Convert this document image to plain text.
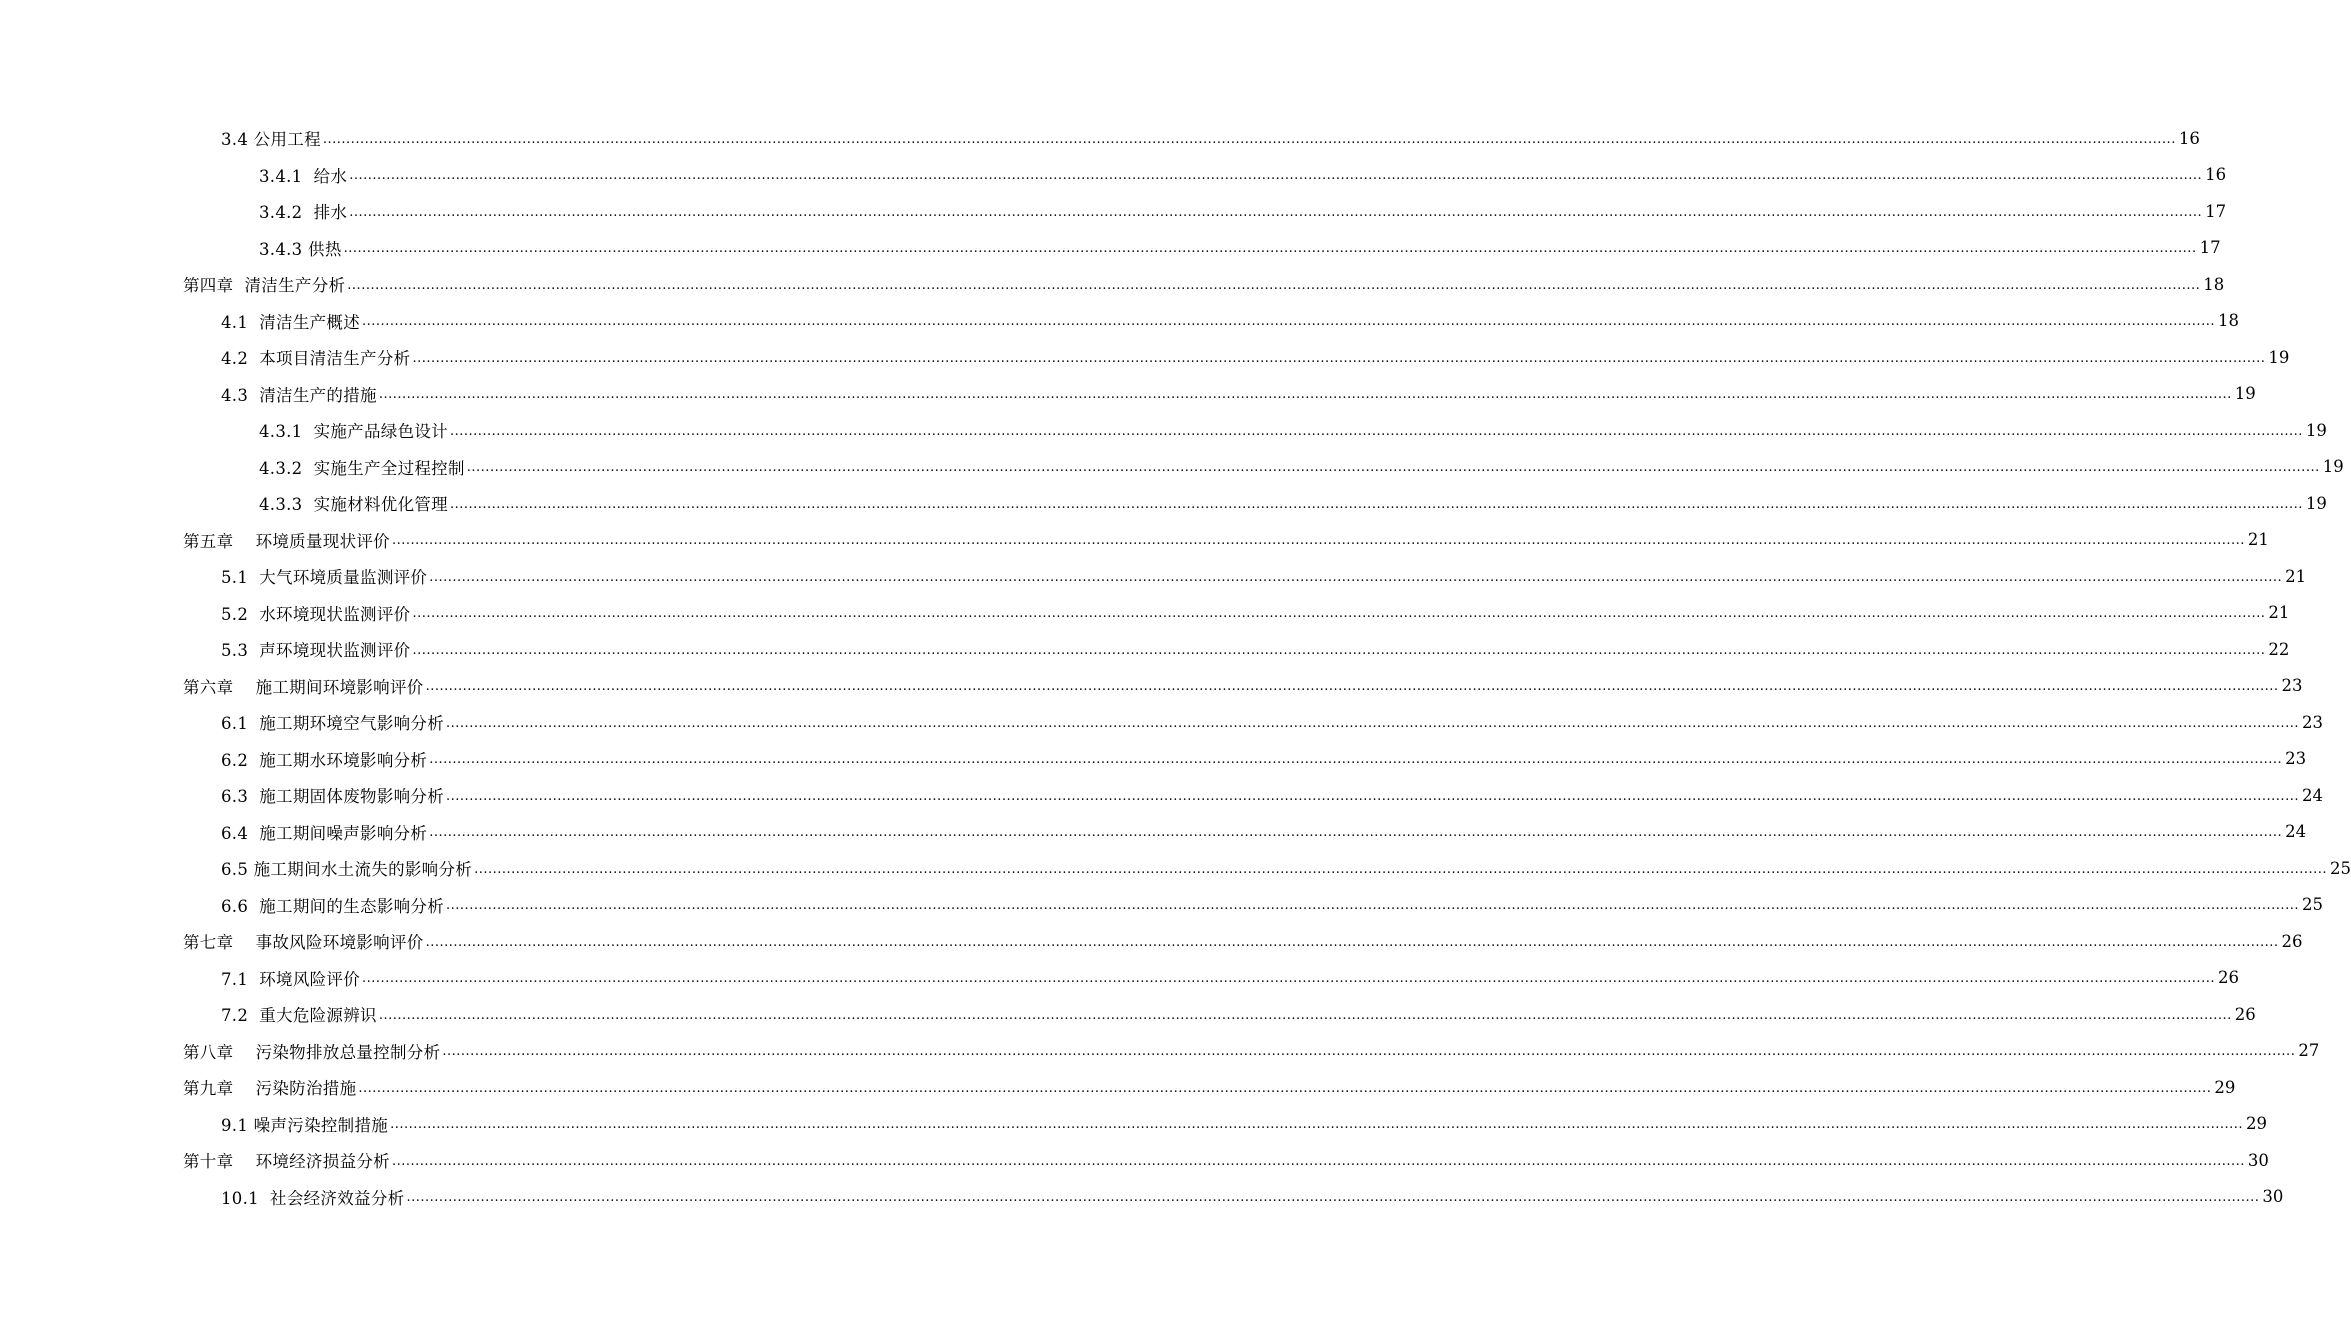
3.4 公用工程 ................................................................................................................................................................................................................................................................................................................................................................................................................ 16
3.4.1  给水 ................................................................................................................................................................................................................................................................................................................................................................................................................ 16
3.4.2  排水 ................................................................................................................................................................................................................................................................................................................................................................................................................ 17
3.4.3 供热 ................................................................................................................................................................................................................................................................................................................................................................................................................ 17
第四章  清洁生产分析 ................................................................................................................................................................................................................................................................................................................................................................................................................ 18
4.1  清洁生产概述 ................................................................................................................................................................................................................................................................................................................................................................................................................ 18
4.2  本项目清洁生产分析 ................................................................................................................................................................................................................................................................................................................................................................................................................ 19
4.3  清洁生产的措施 ................................................................................................................................................................................................................................................................................................................................................................................................................ 19
4.3.1  实施产品绿色设计 ................................................................................................................................................................................................................................................................................................................................................................................................................ 19
4.3.2  实施生产全过程控制 ................................................................................................................................................................................................................................................................................................................................................................................................................ 19
4.3.3  实施材料优化管理 ................................................................................................................................................................................................................................................................................................................................................................................................................ 19
第五章    环境质量现状评价 ................................................................................................................................................................................................................................................................................................................................................................................................................ 21
5.1  大气环境质量监测评价 ................................................................................................................................................................................................................................................................................................................................................................................................................ 21
5.2  水环境现状监测评价 ................................................................................................................................................................................................................................................................................................................................................................................................................ 21
5.3  声环境现状监测评价 ................................................................................................................................................................................................................................................................................................................................................................................................................ 22
第六章    施工期间环境影响评价 ................................................................................................................................................................................................................................................................................................................................................................................................................ 23
6.1  施工期环境空气影响分析 ................................................................................................................................................................................................................................................................................................................................................................................................................ 23
6.2  施工期水环境影响分析 ................................................................................................................................................................................................................................................................................................................................................................................................................ 23
6.3  施工期固体废物影响分析 ................................................................................................................................................................................................................................................................................................................................................................................................................ 24
6.4  施工期间噪声影响分析 ................................................................................................................................................................................................................................................................................................................................................................................................................ 24
6.5 施工期间水土流失的影响分析 ................................................................................................................................................................................................................................................................................................................................................................................................................ 25
6.6  施工期间的生态影响分析 ................................................................................................................................................................................................................................................................................................................................................................................................................ 25
第七章    事故风险环境影响评价 ................................................................................................................................................................................................................................................................................................................................................................................................................ 26
7.1  环境风险评价 ................................................................................................................................................................................................................................................................................................................................................................................................................ 26
7.2  重大危险源辨识 ................................................................................................................................................................................................................................................................................................................................................................................................................ 26
第八章    污染物排放总量控制分析 ................................................................................................................................................................................................................................................................................................................................................................................................................ 27
第九章    污染防治措施 ................................................................................................................................................................................................................................................................................................................................................................................................................ 29
9.1 噪声污染控制措施 ................................................................................................................................................................................................................................................................................................................................................................................................................ 29
第十章    环境经济损益分析 ................................................................................................................................................................................................................................................................................................................................................................................................................ 30
10.1  社会经济效益分析 ................................................................................................................................................................................................................................................................................................................................................................................................................ 30
